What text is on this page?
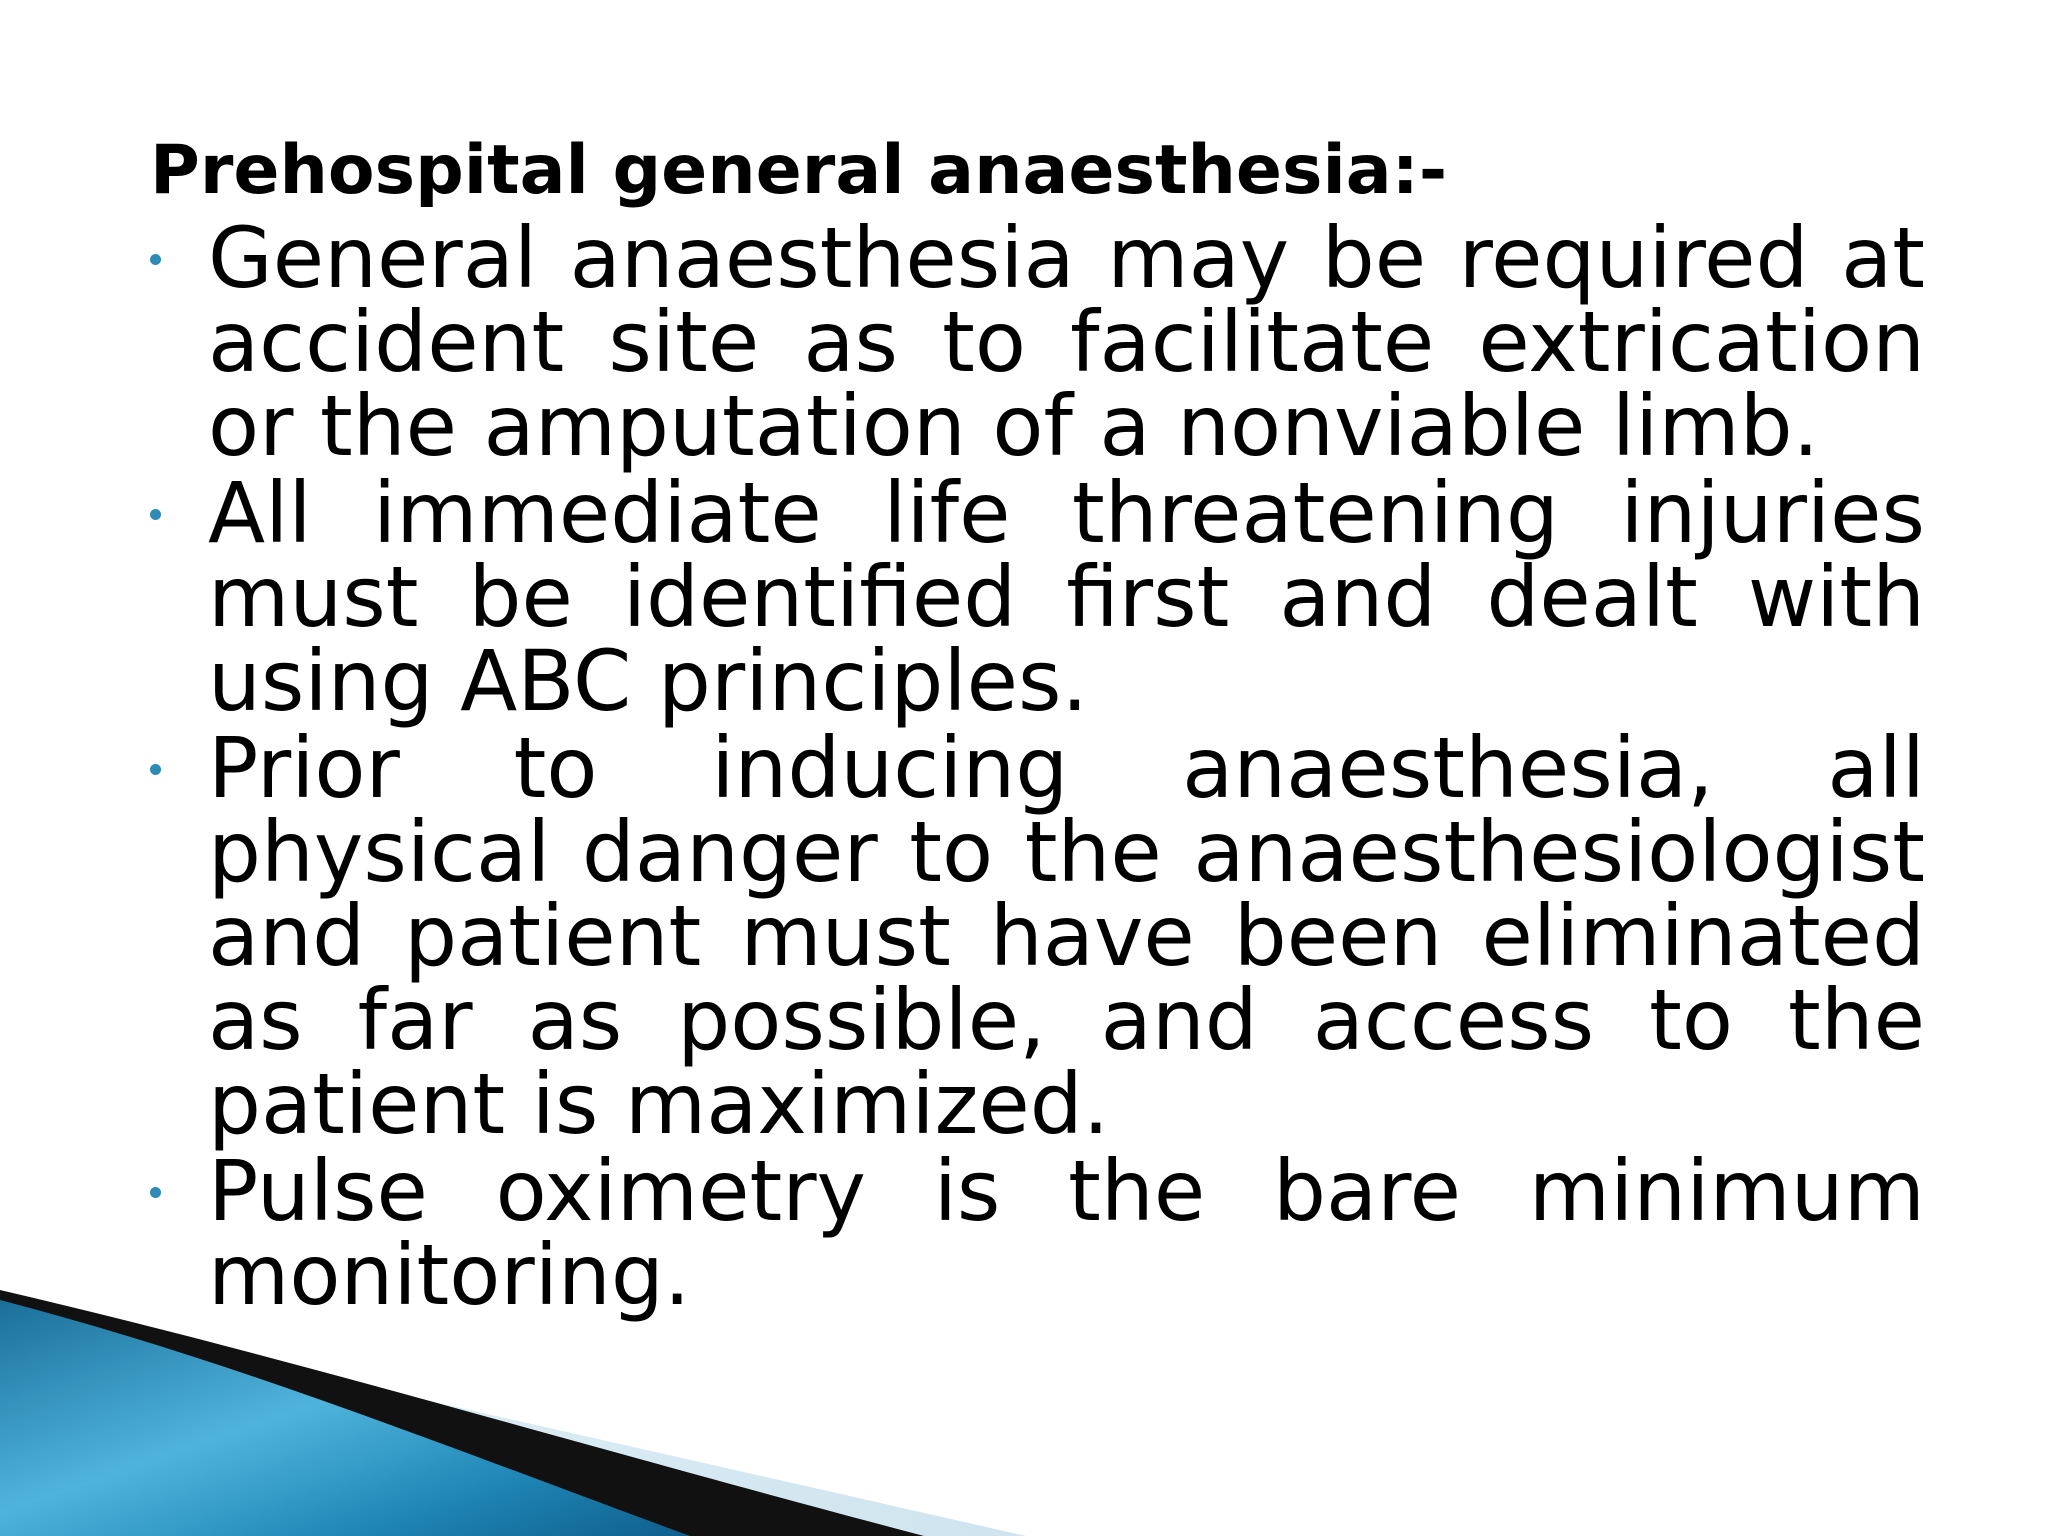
Prehospital general anaesthesia:-
General anaesthesia may be required at accident site as to facilitate extrication or the amputation of a nonviable limb.
All immediate life threatening injuries must be identified first and dealt with using ABC principles.
Prior to inducing anaesthesia, all physical danger to the anaesthesiologist and patient must have been eliminated as far as possible, and access to the patient is maximized.
Pulse oximetry is the bare minimum monitoring.
